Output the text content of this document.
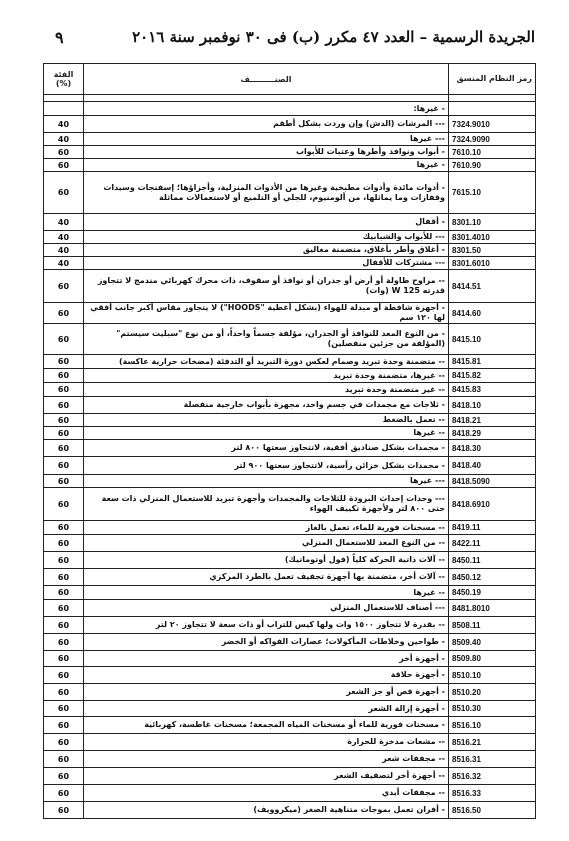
الجريدة الرسمية – العدد ٤٧ مكرر (ب) فى ٣٠ نوفمبر سنة ٢٠١٦
٩
الفئة (%)	الصنـــــــــف	رمز النظام المنسق

	- غيرها:	
40	--- المرشات (الدش) وإن وردت بشكل أطقم	7324.9010
40	--- غيرها	7324.9090
60	- أبواب ونوافذ وأطرها وعتبات للأبواب	7610.10
60	- غيرها	7610.90
60	- أدوات مائدة وأدوات مطبخية وغيرها من الأدوات المنزلية، وأجزاؤها؛ إسفنجات وسيدات وقفازات وما يماثلها، من ألومنيوم، للجلي أو التلميع أو لاستعمالات مماثلة	7615.10
40	- أقفال	8301.10
40	--- للأبواب والشبابيك	8301.4010
40	- أغلاق وأطر بأغلاق، متضمنة مغاليق	8301.50
40	--- مشتركات للأقفال	8301.6010
60	-- مراوح طاولة أو أرض أو جدران أو نوافذ أو سقوف، ذات محرك كهربائي مندمج لا تتجاوز قدرته W 125 (وات)	8414.51
60	- أجهزة شافطة أو مبدلة للهواء (بشكل أغطية "HOODS") لا يتجاوز مقاس أكبر جانب أفقي لها ١٢٠ سم	8414.60
60	- من النوع المعد للنوافذ أو الجدران، مؤلفة جسماً واحداً، أو من نوع "سبليت سيستم" (المؤلفة من جزئين منفصلين)	8415.10
60	-- متضمنة وحدة تبريد وصمام لعكس دورة التبريد أو التدفئة (مضخات حرارية عاكسة)	8415.81
60	-- غيرها، متضمنة وحدة تبريد	8415.82
60	-- غير متضمنة وحدة تبريد	8415.83
60	- ثلاجات مع مجمدات في جسم واحد، مجهزة بأبواب خارجية منفصلة	8418.10
60	-- تعمل بالضغط	8418.21
60	-- غيرها	8418.29
60	- مجمدات بشكل صناديق أفقية، لاتتجاوز سعتها ٨٠٠ لتر	8418.30
60	- مجمدات بشكل خزائن رأسية، لاتتجاوز سعتها ٩٠٠ لتر	8418.40
60	--- غيرها	8418.5090
60	--- وحدات إحداث البرودة للثلاجات والمجمدات وأجهزة تبريد للاستعمال المنزلي ذات سعة حتى ٨٠٠ لتر ولأجهزة تكييف الهواء	8418.6910
60	-- مسخنات فورية للماء، تعمل بالغاز	8419.11
60	-- من النوع المعد للاستعمال المنزلي	8422.11
60	-- آلات ذاتية الحركة كلياً (فول أوتوماتيك)	8450.11
60	-- آلات أخر، متضمنة بها أجهزة تجفيف تعمل بالطرد المركزي	8450.12
60	-- غيرها	8450.19
60	--- أصناف للاستعمال المنزلي	8481.8010
60	-- بقدرة لا تتجاوز ١٥٠٠ وات ولها كيس للتراب أو ذات سعة لا تتجاوز ٢٠ لتر	8508.11
60	- طواحين وخلاطات المأكولات؛ عصارات الفواكه أو الخضر	8509.40
60	- أجهزة أخر	8509.80
60	- أجهزة حلاقة	8510.10
60	- أجهزة قص أو جز الشعر	8510.20
60	- أجهزة إزالة الشعر	8510.30
60	- مسخنات فورية للماء أو مسخنات المياه المجمعة؛ مسخنات غاطسة، كهربائية	8516.10
60	-- مشعات مدخرة للحرارة	8516.21
60	-- مجففات شعر	8516.31
60	-- أجهزة أخر لتصفيف الشعر	8516.32
60	-- مجففات أيدي	8516.33
60	- أفران تعمل بموجات متناهية الصغر (ميكروويف)	8516.50
